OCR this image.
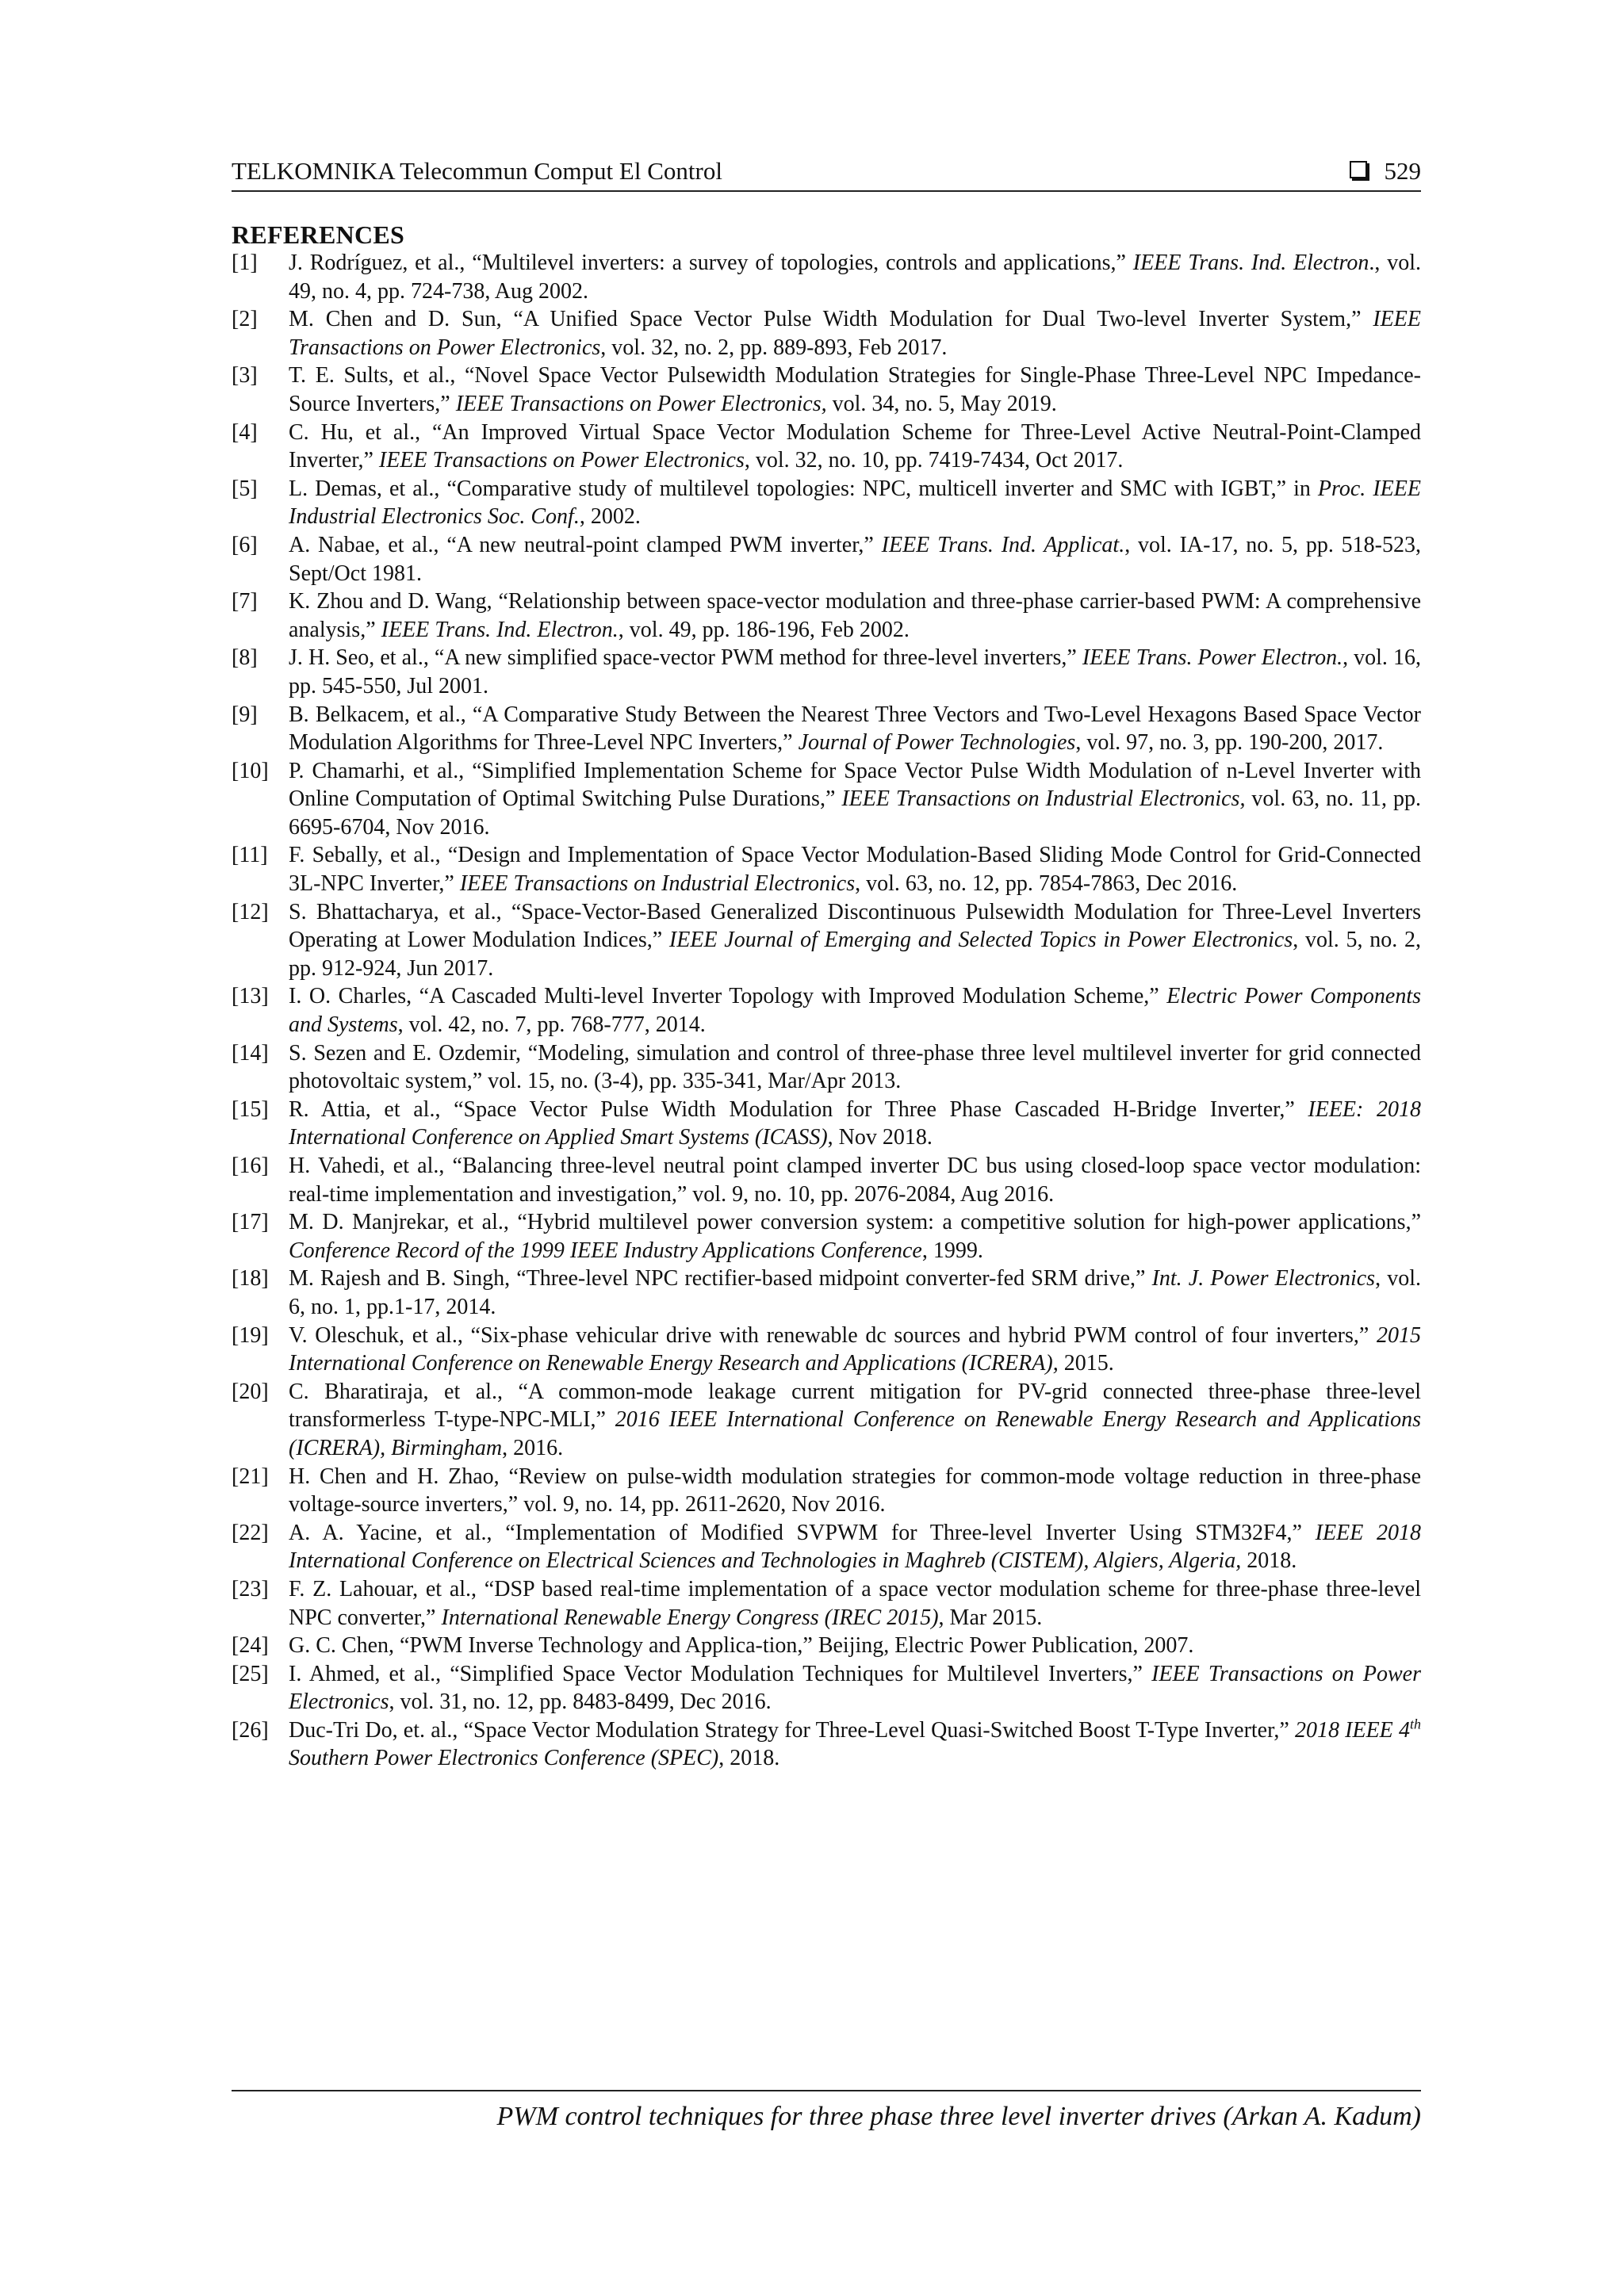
TELKOMNIKA Telecommun Comput El Control	529
REFERENCES
[1]	J. Rodríguez, et al., “Multilevel inverters: a survey of topologies, controls and applications,” IEEE Trans. Ind. Electron., vol. 49, no. 4, pp. 724-738, Aug 2002.
[2]	M. Chen and D. Sun, “A Unified Space Vector Pulse Width Modulation for Dual Two-level Inverter System,” IEEE Transactions on Power Electronics, vol. 32, no. 2, pp. 889-893, Feb 2017.
[3]	T. E. Sults, et al., “Novel Space Vector Pulsewidth Modulation Strategies for Single-Phase Three-Level NPC Impedance-Source Inverters,” IEEE Transactions on Power Electronics, vol. 34, no. 5, May 2019.
[4]	C. Hu, et al., “An Improved Virtual Space Vector Modulation Scheme for Three-Level Active Neutral-Point-Clamped Inverter,” IEEE Transactions on Power Electronics, vol. 32, no. 10, pp. 7419-7434, Oct 2017.
[5]	L. Demas, et al., “Comparative study of multilevel topologies: NPC, multicell inverter and SMC with IGBT,” in Proc. IEEE Industrial Electronics Soc. Conf., 2002.
[6]	A. Nabae, et al., “A new neutral-point clamped PWM inverter,” IEEE Trans. Ind. Applicat., vol. IA-17, no. 5, pp. 518-523, Sept/Oct 1981.
[7]	K. Zhou and D. Wang, “Relationship between space-vector modulation and three-phase carrier-based PWM: A comprehensive analysis,” IEEE Trans. Ind. Electron., vol. 49, pp. 186-196, Feb 2002.
[8]	J. H. Seo, et al., “A new simplified space-vector PWM method for three-level inverters,” IEEE Trans. Power Electron., vol. 16, pp. 545-550, Jul 2001.
[9]	B. Belkacem, et al., “A Comparative Study Between the Nearest Three Vectors and Two-Level Hexagons Based Space Vector Modulation Algorithms for Three-Level NPC Inverters,” Journal of Power Technologies, vol. 97, no. 3, pp. 190-200, 2017.
[10] P. Chamarhi, et al., “Simplified Implementation Scheme for Space Vector Pulse Width Modulation of n-Level Inverter with Online Computation of Optimal Switching Pulse Durations,” IEEE Transactions on Industrial Electronics, vol. 63, no. 11, pp. 6695-6704, Nov 2016.
[11] F. Sebally, et al., “Design and Implementation of Space Vector Modulation-Based Sliding Mode Control for Grid-Connected 3L-NPC Inverter,” IEEE Transactions on Industrial Electronics, vol. 63, no. 12, pp. 7854-7863, Dec 2016.
[12] S. Bhattacharya, et al., “Space-Vector-Based Generalized Discontinuous Pulsewidth Modulation for Three-Level Inverters Operating at Lower Modulation Indices,” IEEE Journal of Emerging and Selected Topics in Power Electronics, vol. 5, no. 2, pp. 912-924, Jun 2017.
[13] I. O. Charles, “A Cascaded Multi-level Inverter Topology with Improved Modulation Scheme,” Electric Power Components and Systems, vol. 42, no. 7, pp. 768-777, 2014.
[14] S. Sezen and E. Ozdemir, “Modeling, simulation and control of three-phase three level multilevel inverter for grid connected photovoltaic system,” vol. 15, no. (3-4), pp. 335-341, Mar/Apr 2013.
[15] R. Attia, et al., “Space Vector Pulse Width Modulation for Three Phase Cascaded H-Bridge Inverter,” IEEE: 2018 International Conference on Applied Smart Systems (ICASS), Nov 2018.
[16] H. Vahedi, et al., “Balancing three-level neutral point clamped inverter DC bus using closed-loop space vector modulation: real-time implementation and investigation,” vol. 9, no. 10, pp. 2076-2084, Aug 2016.
[17] M. D. Manjrekar, et al., “Hybrid multilevel power conversion system: a competitive solution for high-power applications,” Conference Record of the 1999 IEEE Industry Applications Conference, 1999.
[18] M. Rajesh and B. Singh, “Three-level NPC rectifier-based midpoint converter-fed SRM drive,” Int. J. Power Electronics, vol. 6, no. 1, pp.1-17, 2014.
[19] V. Oleschuk, et al., “Six-phase vehicular drive with renewable dc sources and hybrid PWM control of four inverters,” 2015 International Conference on Renewable Energy Research and Applications (ICRERA), 2015.
[20] C. Bharatiraja, et al., “A common-mode leakage current mitigation for PV-grid connected three-phase three-level transformerless T-type-NPC-MLI,” 2016 IEEE International Conference on Renewable Energy Research and Applications (ICRERA), Birmingham, 2016.
[21] H. Chen and H. Zhao, “Review on pulse-width modulation strategies for common-mode voltage reduction in three-phase voltage-source inverters,” vol. 9, no. 14, pp. 2611-2620, Nov 2016.
[22] A. A. Yacine, et al., “Implementation of Modified SVPWM for Three-level Inverter Using STM32F4,” IEEE 2018 International Conference on Electrical Sciences and Technologies in Maghreb (CISTEM), Algiers, Algeria, 2018.
[23] F. Z. Lahouar, et al., “DSP based real-time implementation of a space vector modulation scheme for three-phase three-level NPC converter,” International Renewable Energy Congress (IREC 2015), Mar 2015.
[24] G. C. Chen, “PWM Inverse Technology and Applica-tion,” Beijing, Electric Power Publication, 2007.
[25] I. Ahmed, et al., “Simplified Space Vector Modulation Techniques for Multilevel Inverters,” IEEE Transactions on Power Electronics, vol. 31, no. 12, pp. 8483-8499, Dec 2016.
[26] Duc-Tri Do, et. al., “Space Vector Modulation Strategy for Three-Level Quasi-Switched Boost T-Type Inverter,” 2018 IEEE 4th Southern Power Electronics Conference (SPEC), 2018.
PWM control techniques for three phase three level inverter drives (Arkan A. Kadum)
